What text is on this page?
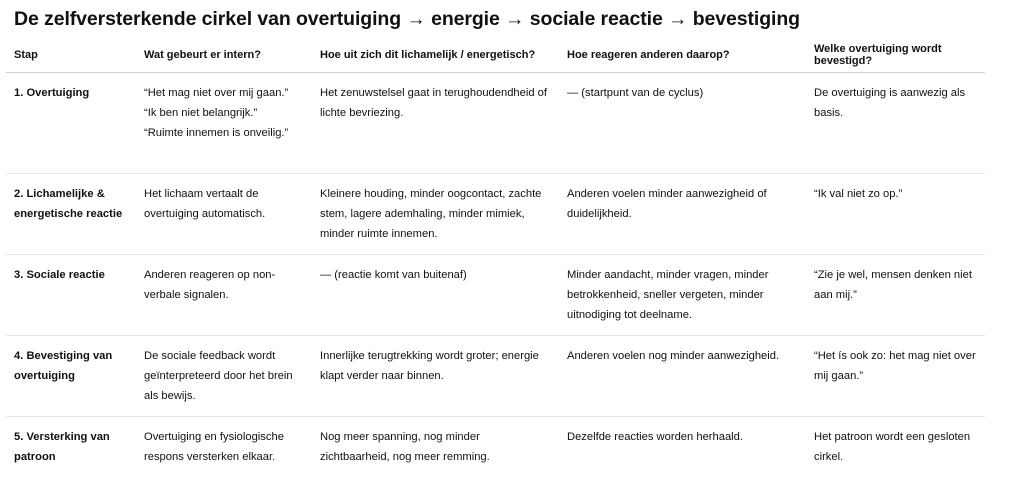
De zelfversterkende cirkel van overtuiging → energie → sociale reactie → bevestiging
Stap	Wat gebeurt er intern?	Hoe uit zich dit lichamelijk / energetisch?	Hoe reageren anderen daarop?	Welke overtuiging wordt bevestigd?
1. Overtuiging	“Het mag niet over mij gaan.”
“Ik ben niet belangrijk.”
“Ruimte innemen is onveilig.”	Het zenuwstelsel gaat in terughoudendheid of lichte bevriezing.	— (startpunt van de cyclus)	De overtuiging is aanwezig als basis.
2. Lichamelijke & energetische reactie	Het lichaam vertaalt de overtuiging automatisch.	Kleinere houding, minder oogcontact, zachte stem, lagere ademhaling, minder mimiek, minder ruimte innemen.	Anderen voelen minder aanwezigheid of duidelijkheid.	“Ik val niet zo op.”
3. Sociale reactie	Anderen reageren op non-verbale signalen.	— (reactie komt van buitenaf)	Minder aandacht, minder vragen, minder betrokkenheid, sneller vergeten, minder uitnodiging tot deelname.	“Zie je wel, mensen denken niet aan mij.”
4. Bevestiging van overtuiging	De sociale feedback wordt geïnterpreteerd door het brein als bewijs.	Innerlijke terugtrekking wordt groter; energie klapt verder naar binnen.	Anderen voelen nog minder aanwezigheid.	“Het ís ook zo: het mag niet over mij gaan.”
5. Versterking van patroon	Overtuiging en fysiologische respons versterken elkaar.	Nog meer spanning, nog minder zichtbaarheid, nog meer remming.	Dezelfde reacties worden herhaald.	Het patroon wordt een gesloten cirkel.
